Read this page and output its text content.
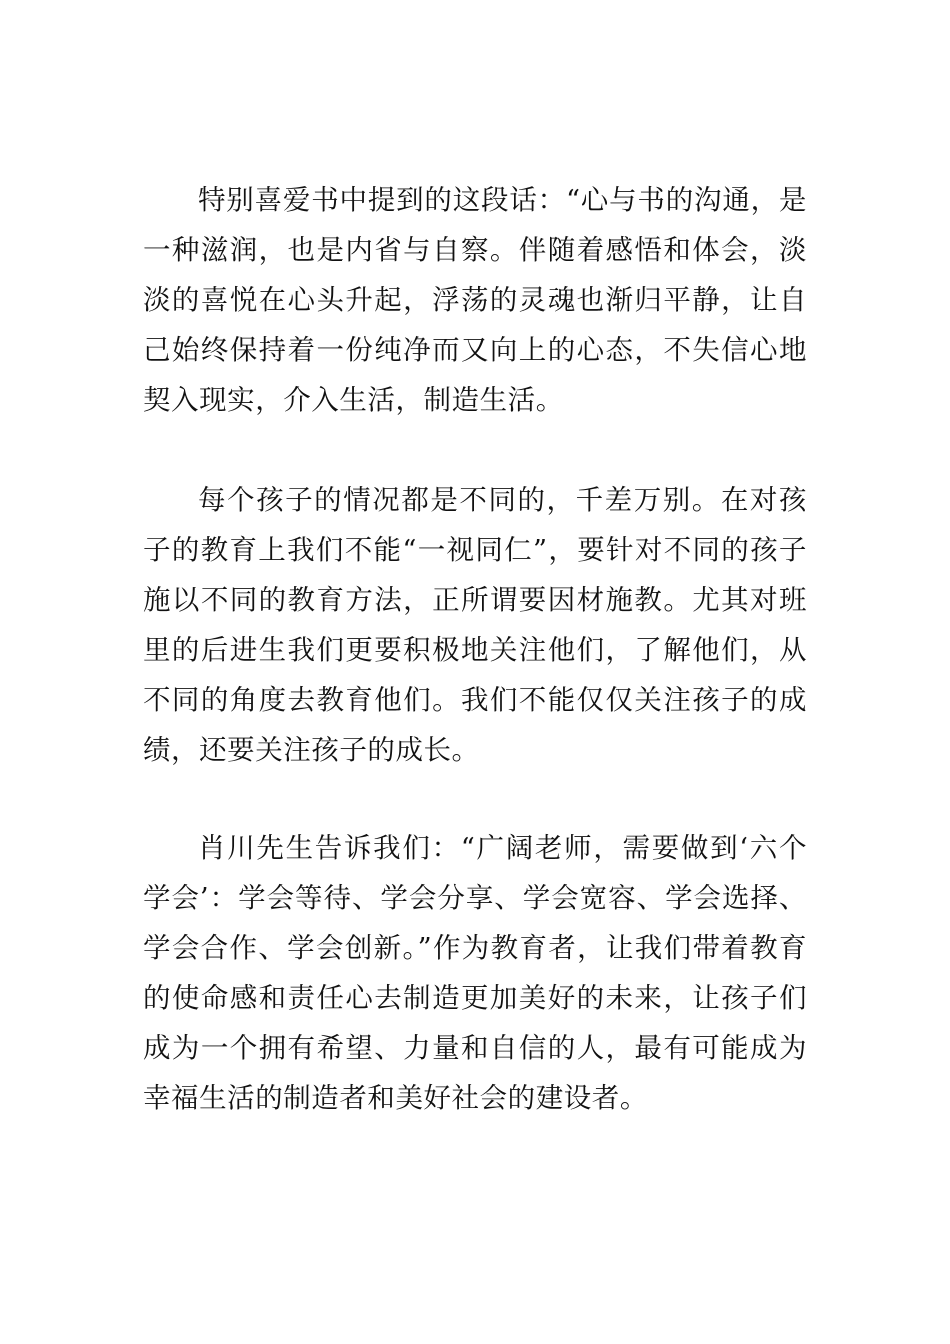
特别喜爱书中提到的这段话：“心与书的沟通，是一种滋润，也是内省与自察。伴随着感悟和体会，淡淡的喜悦在心头升起，浮荡的灵魂也渐归平静，让自己始终保持着一份纯净而又向上的心态，不失信心地契入现实，介入生活，制造生活。

每个孩子的情况都是不同的，千差万别。在对孩子的教育上我们不能“一视同仁”，要针对不同的孩子施以不同的教育方法，正所谓要因材施教。尤其对班里的后进生我们更要积极地关注他们，了解他们，从不同的角度去教育他们。我们不能仅仅关注孩子的成绩，还要关注孩子的成长。

肖川先生告诉我们：“广阔老师，需要做到‘六个学会’：学会等待、学会分享、学会宽容、学会选择、学会合作、学会创新。”作为教育者，让我们带着教育的使命感和责任心去制造更加美好的未来，让孩子们成为一个拥有希望、力量和自信的人，最有可能成为幸福生活的制造者和美好社会的建设者。
